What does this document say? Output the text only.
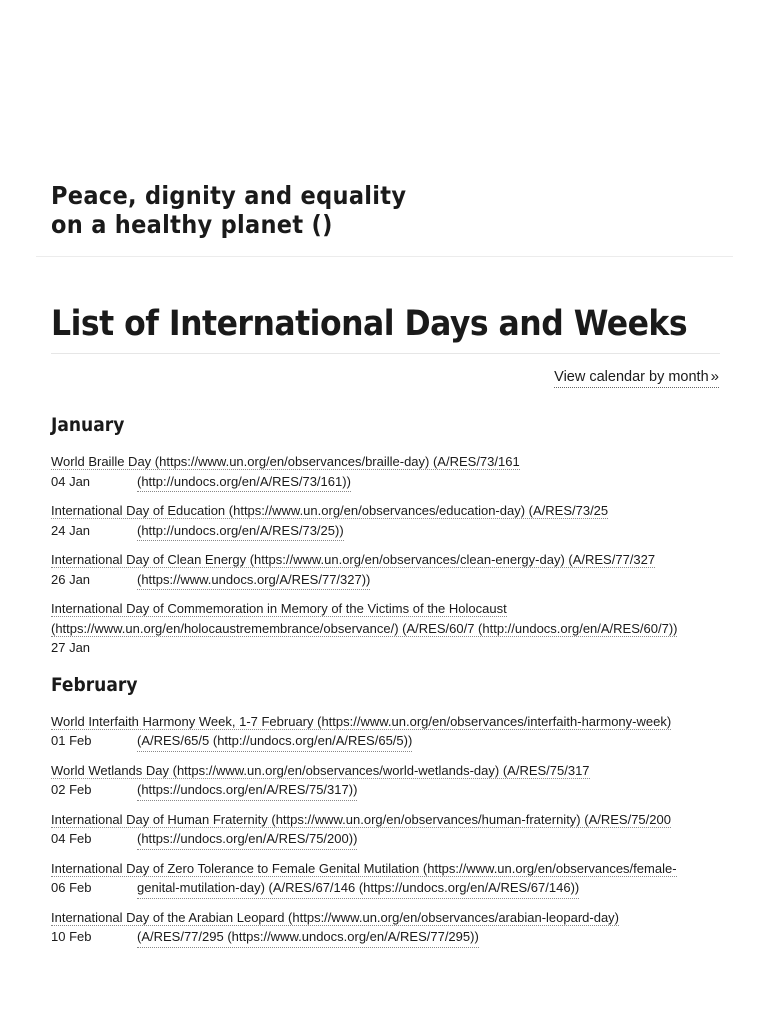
Peace, dignity and equality
on a healthy planet ()
List of International Days and Weeks
View calendar by month »
January
World Braille Day (https://www.un.org/en/observances/braille-day) (A/RES/73/161
04 Jan	(http://undocs.org/en/A/RES/73/161))
International Day of Education (https://www.un.org/en/observances/education-day) (A/RES/73/25
24 Jan	(http://undocs.org/en/A/RES/73/25))
International Day of Clean Energy (https://www.un.org/en/observances/clean-energy-day) (A/RES/77/327
26 Jan	(https://www.undocs.org/A/RES/77/327))
International Day of Commemoration in Memory of the Victims of the Holocaust
(https://www.un.org/en/holocaustremembrance/observance/) (A/RES/60/7 (http://undocs.org/en/A/RES/60/7))
27 Jan
February
World Interfaith Harmony Week, 1-7 February (https://www.un.org/en/observances/interfaith-harmony-week)
01 Feb	(A/RES/65/5 (http://undocs.org/en/A/RES/65/5))
World Wetlands Day (https://www.un.org/en/observances/world-wetlands-day) (A/RES/75/317
02 Feb	(https://undocs.org/en/A/RES/75/317))
International Day of Human Fraternity (https://www.un.org/en/observances/human-fraternity) (A/RES/75/200
04 Feb	(https://undocs.org/en/A/RES/75/200))
International Day of Zero Tolerance to Female Genital Mutilation (https://www.un.org/en/observances/female-
06 Feb	genital-mutilation-day) (A/RES/67/146 (https://undocs.org/en/A/RES/67/146))
International Day of the Arabian Leopard (https://www.un.org/en/observances/arabian-leopard-day)
10 Feb	(A/RES/77/295 (https://www.undocs.org/en/A/RES/77/295))
